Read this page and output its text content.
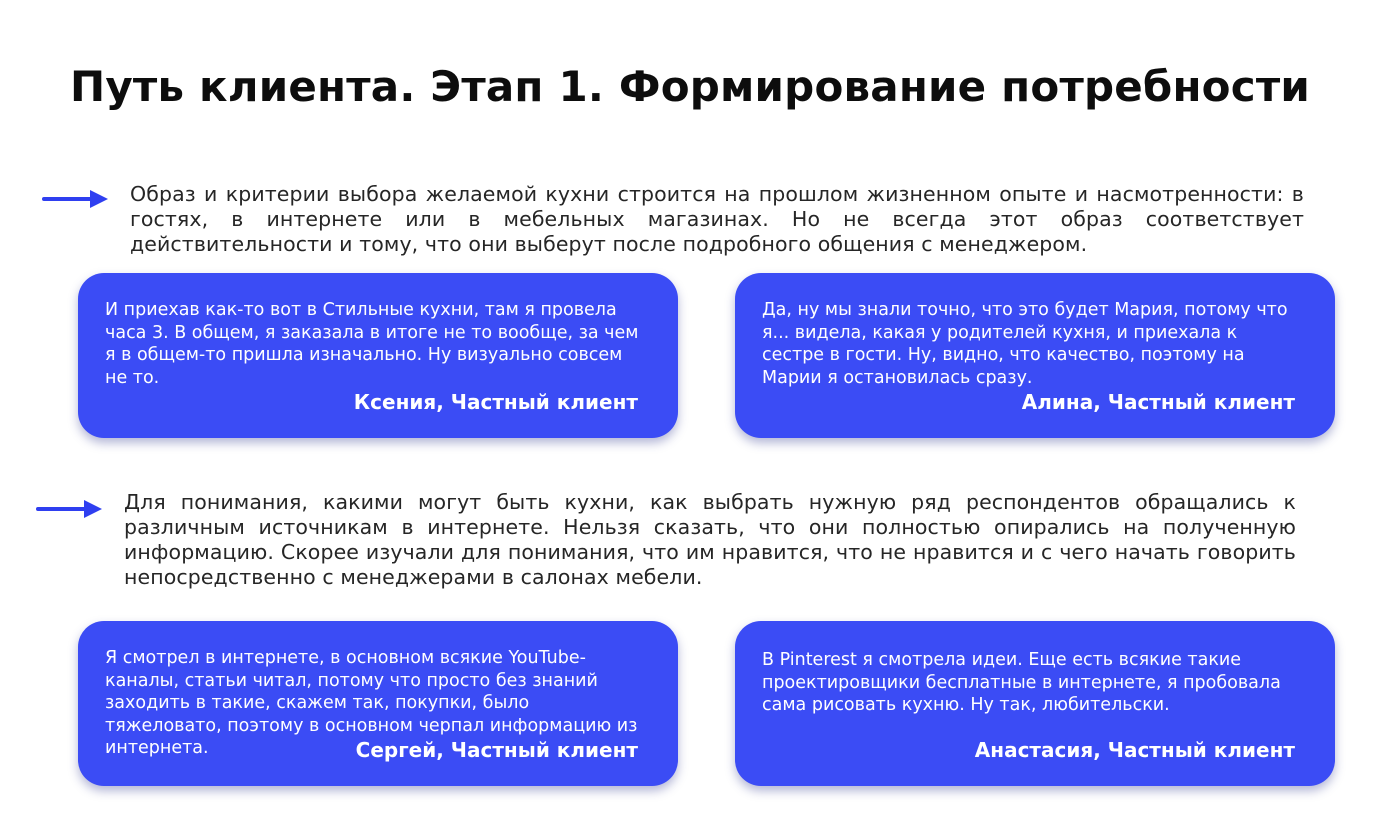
Путь клиента. Этап 1. Формирование потребности

Образ и критерии выбора желаемой кухни строится на прошлом жизненном опыте и насмотренности: в гостях, в интернете или в мебельных магазинах. Но не всегда этот образ соответствует действительности и тому, что они выберут после подробного общения с менеджером.

И приехав как-то вот в Стильные кухни, там я провела часа 3. В общем, я заказала в итоге не то вообще, за чем я в общем-то пришла изначально. Ну визуально совсем не то.

Ксения, Частный клиент

Да, ну мы знали точно, что это будет Мария, потому что я... видела, какая у родителей кухня, и приехала к сестре в гости. Ну, видно, что качество, поэтому на Марии я остановилась сразу.

Алина, Частный клиент

Для понимания, какими могут быть кухни, как выбрать нужную ряд респондентов обращались к различным источникам в интернете. Нельзя сказать, что они полностью опирались на полученную информацию. Скорее изучали для понимания, что им нравится, что не нравится и с чего начать говорить непосредственно с менеджерами в салонах мебели.

Я смотрел в интернете, в основном всякие YouTube-каналы, статьи читал, потому что просто без знаний заходить в такие, скажем так, покупки, было тяжеловато, поэтому в основном черпал информацию из интернета.	Сергей, Частный клиент

В Pinterest я смотрела идеи. Еще есть всякие такие проектировщики бесплатные в интернете, я пробовала сама рисовать кухню. Ну так, любительски.

Анастасия, Частный клиент
